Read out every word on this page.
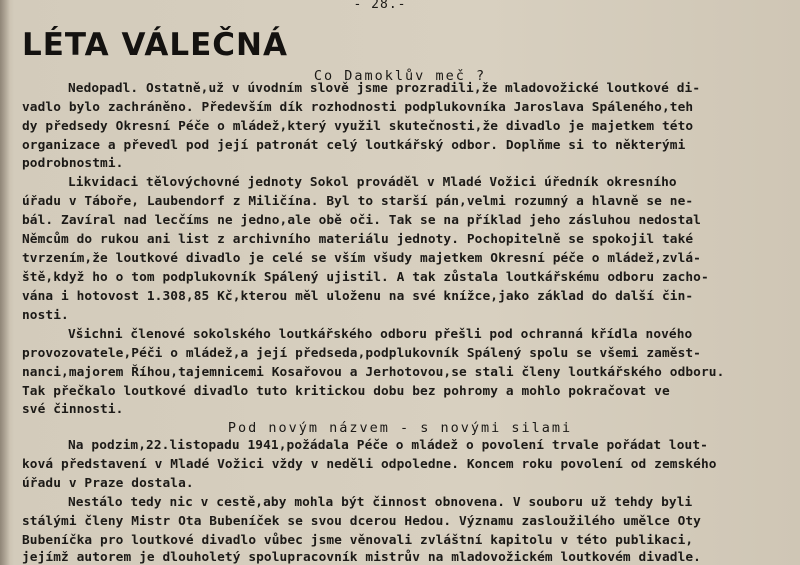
- 28.-
LÉTA VÁLEČNÁ
Co Damoklův meč ?
Nedopadl. Ostatně,už v úvodním slově jsme prozradili,že mladovožické loutkové di-
vadlo bylo zachráněno. Především dík rozhodnosti podplukovníka Jaroslava Spáleného,teh
dy předsedy Okresní Péče o mládež,který využil skutečnosti,že divadlo je majetkem této
organizace a převedl pod její patronát celý loutkářský odbor. Doplňme si to některými
podrobnostmi.
Likvidaci tělovýchovné jednoty Sokol prováděl v Mladé Vožici úředník okresního
úřadu v Táboře, Laubendorf z Miličína. Byl to starší pán,velmi rozumný a hlavně se ne-
bál. Zavíral nad lecčíms ne jedno,ale obě oči. Tak se na příklad jeho zásluhou nedostal
Němcům do rukou ani list z archivního materiálu jednoty. Pochopitelně se spokojil také
tvrzením,že loutkové divadlo je celé se vším všudy majetkem Okresní péče o mládež,zvlá-
ště,když ho o tom podplukovník Spálený ujistil. A tak zůstala loutkářskému odboru zacho-
vána i hotovost 1.308,85 Kč,kterou měl uloženu na své knížce,jako základ do další čin-
nosti.
Všichni členové sokolského loutkářského odboru přešli pod ochranná křídla nového
provozovatele,Péči o mládež,a její předseda,podplukovník Spálený spolu se všemi zaměst-
nanci,majorem Říhou,tajemnicemi Kosařovou a Jerhotovou,se stali členy loutkářského odboru.
Tak přečkalo loutkové divadlo tuto kritickou dobu bez pohromy a mohlo pokračovat ve
své činnosti.
Pod novým názvem - s novými silami
Na podzim,22.listopadu 1941,požádala Péče o mládež o povolení trvale pořádat lout-
ková představení v Mladé Vožici vždy v neděli odpoledne. Koncem roku povolení od zemského
úřadu v Praze dostala.
Nestálo tedy nic v cestě,aby mohla být činnost obnovena. V souboru už tehdy byli
stálými členy Mistr Ota Bubeníček se svou dcerou Hedou. Významu zasloužilého umělce Oty
Bubeníčka pro loutkové divadlo vůbec jsme věnovali zvláštní kapitolu v této publikaci,
jejímž autorem je dlouholetý spolupracovník mistrův na mladovožickém loutkovém divadle.
